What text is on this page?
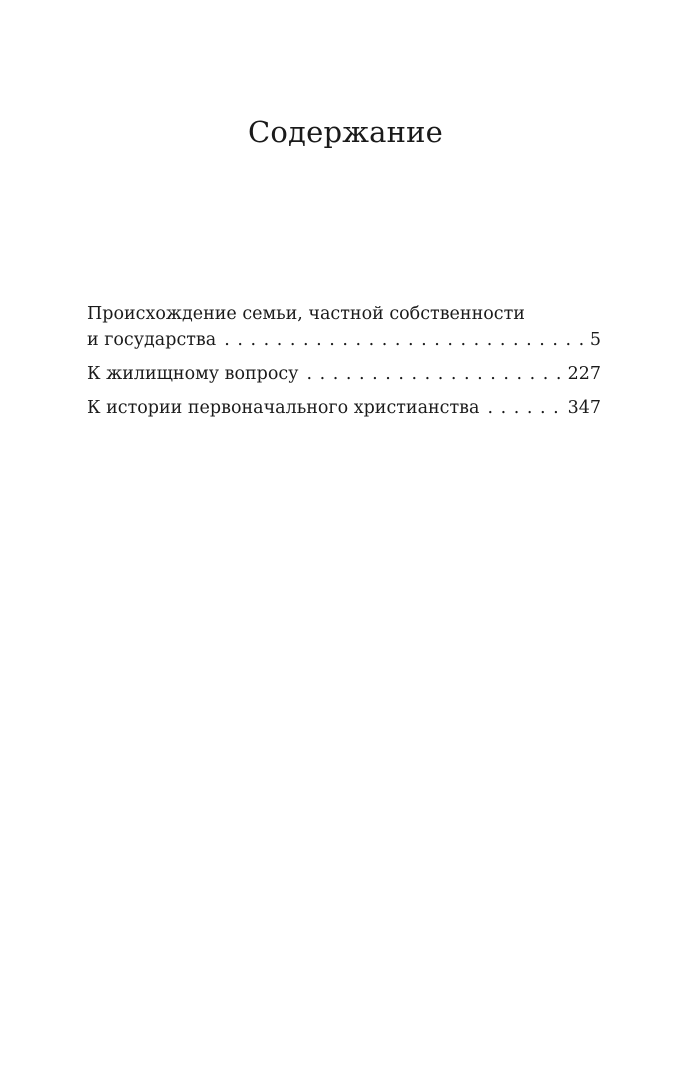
Содержание
Происхождение семьи, частной собственности
и государства . . .	5
К жилищному вопросу . . .	227
К истории первоначального христианства . . .	347
